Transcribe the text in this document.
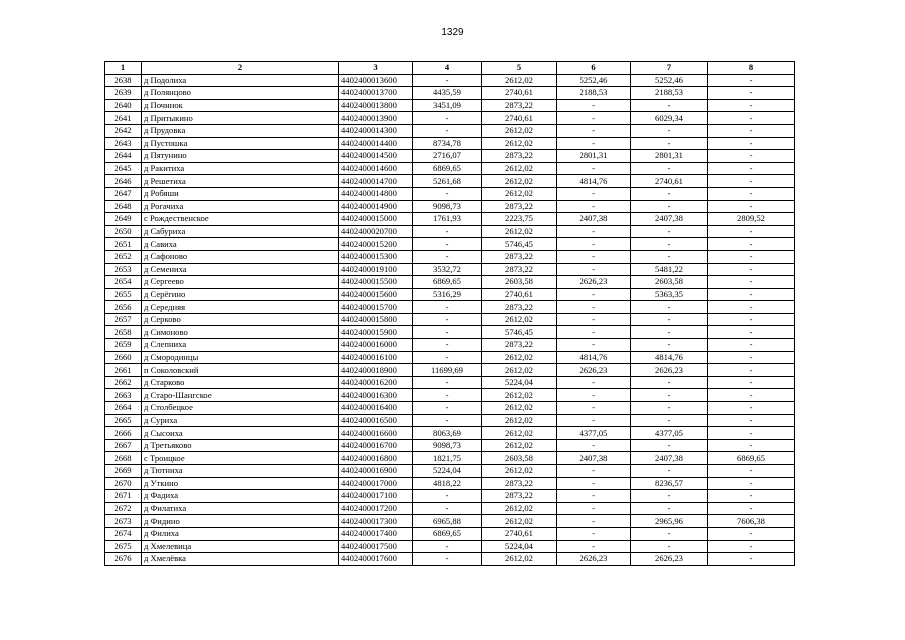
1329
1	2	3	4	5	6	7	8
2638	д Подолиха	4402400013600	-	2612,02	5252,46	5252,46	-
2639	д Полянцово	4402400013700	4435,59	2740,61	2188,53	2188,53	-
2640	д Починок	4402400013800	3451,09	2873,22	-	-	-
2641	д Притыкино	4402400013900	-	2740,61	-	6029,34	-
2642	д Прудовка	4402400014300	-	2612,02	-	-	-
2643	д Пустошка	4402400014400	8734,78	2612,02	-	-	-
2644	д Пятунино	4402400014500	2716,07	2873,22	2801,31	2801,31	-
2645	д Ракитиха	4402400014600	6869,65	2612,02	-	-	-
2646	д Решетиха	4402400014700	5261,68	2612,02	4814,76	2740,61	-
2647	д Робяши	4402400014800	-	2612,02	-	-	-
2648	д Рогачиха	4402400014900	9098,73	2873,22	-	-	-
2649	с Рождественское	4402400015000	1761,93	2223,75	2407,38	2407,38	2809,52
2650	д Сабуриха	4402400020700	-	2612,02	-	-	-
2651	д Савиха	4402400015200	-	5746,45	-	-	-
2652	д Сафоново	4402400015300	-	2873,22	-	-	-
2653	д Семениха	4402400019100	3532,72	2873,22	-	5481,22	-
2654	д Сергеево	4402400015500	6869,65	2603,58	2626,23	2603,58	-
2655	д Серёгино	4402400015600	5316,29	2740,61	-	5363,35	-
2656	д Середняя	4402400015700	-	2873,22	-	-	-
2657	д Серково	4402400015800	-	2612,02	-	-	-
2658	д Симоново	4402400015900	-	5746,45	-	-	-
2659	д Слепниха	4402400016000	-	2873,22	-	-	-
2660	д Смородинцы	4402400016100	-	2612,02	4814,76	4814,76	-
2661	п Соколовский	4402400018900	11699,69	2612,02	2626,23	2626,23	-
2662	д Старково	4402400016200	-	5224,04	-	-	-
2663	д Старо-Шангское	4402400016300	-	2612,02	-	-	-
2664	д Столбецкое	4402400016400	-	2612,02	-	-	-
2665	д Суриха	4402400016500	-	2612,02	-	-	-
2666	д Сысоиха	4402400016600	8063,69	2612,02	4377,05	4377,05	-
2667	д Третьяково	4402400016700	9098,73	2612,02	-	-	-
2668	с Троицкое	4402400016800	1821,75	2603,58	2407,38	2407,38	6869,65
2669	д Тютниха	4402400016900	5224,04	2612,02	-	-	-
2670	д Уткино	4402400017000	4818,22	2873,22	-	8236,57	-
2671	д Фадиха	4402400017100	-	2873,22	-	-	-
2672	д Филатиха	4402400017200	-	2612,02	-	-	-
2673	д Фидино	4402400017300	6965,88	2612,02	-	2965,96	7606,38
2674	д Филиха	4402400017400	6869,65	2740,61	-	-	-
2675	д Хмелевица	4402400017500	-	5224,04	-	-	-
2676	д Хмелёвка	4402400017600	-	2612,02	2626,23	2626,23	-
